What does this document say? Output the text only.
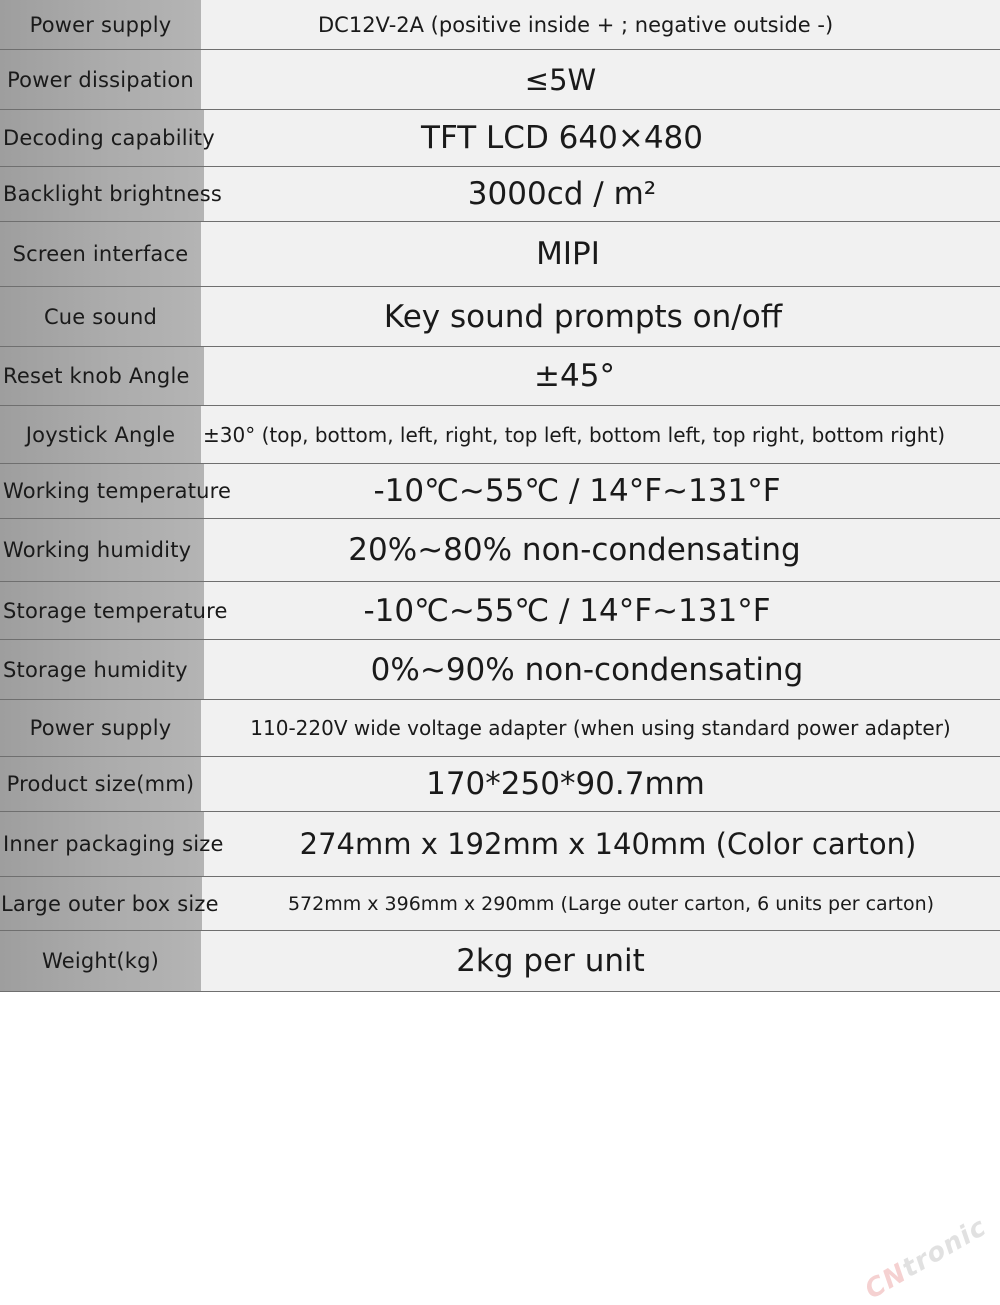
Power supply	DC12V-2A (positive inside + ; negative outside -)
Power dissipation	≤5W
Decoding capability	TFT LCD 640×480
Backlight brightness	3000cd / m²
Screen interface	MIPI
Cue sound	Key sound prompts on/off
Reset knob Angle	±45°
Joystick Angle	±30° (top, bottom, left, right, top left, bottom left, top right, bottom right)
Working temperature	-10℃~55℃ / 14°F~131°F
Working humidity	20%~80% non-condensating
Storage temperature	-10℃~55℃ / 14°F~131°F
Storage humidity	0%~90% non-condensating
Power supply	110-220V wide voltage adapter (when using standard power adapter)
Product size(mm)	170*250*90.7mm
Inner packaging size	274mm x 192mm x 140mm (Color carton)
Large outer box size	572mm x 396mm x 290mm (Large outer carton, 6 units per carton)
Weight(kg)	2kg per unit
CNtronic
